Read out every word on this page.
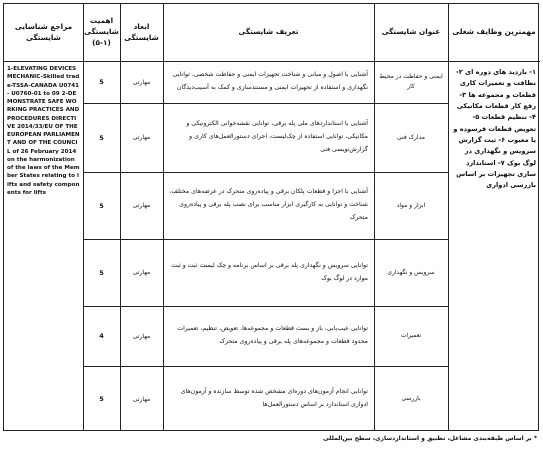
مهمترین وظایف شغلی
عنوان شایستگی
تعریف شایستگی
ابعاد شایستگی
اهمیت شایستگی (۱-۵)
مراجع شناسایی شایستگی
۱- بازدید های دوره ای ۲- نظافت و تعمیرات کاری قطعات و مجموعه ها ۳- رفع کار قطعات مکانیکی ۴- تنظیم قطعات ۵- تعویض قطعات فرسوده و یا معیوب ۶- ثبت گزارش سرویس و نگهداری در لوگ بوک ۷- استاندارد سازی تجهیزات بر اساس بازرسی ادواری
1-ELEVATING DEVICES MECHANIC-Skilled trade-TSSA-CANADA U0741- U0760-01 to 09 2-DEMONSTRATE SAFE WORKING PRACTICES AND PROCEDURES DIRECTIVE 2014/33/EU OF THE EUROPEAN PARLIAMENT AND OF THE COUNCIL of 26 February 2014 on the harmonization of the laws of the Member States relating to lifts and safety components for lifts
ایمنی و حفاظت در محیط کار
آشنایی با اصول و مبانی و شناخت تجهیزات ایمنی و حفاظت شخصی، توانایی نگهداری و استفاده از تجهیزات ایمنی و مستندسازی و کمک به آسیب‌دیدگان
مهارتی
5
مدارک فنی
آشنایی با استانداردهای ملی پله برقی، توانایی نقشه‌خوانی الکترونیکی و مکانیکی، توانایی استفاده از چک‌لیست، اجرای دستورالعمل‌های کاری و گزارش‌نویسی فنی
مهارتی
5
ابزار و مواد
آشنایی با اجزا و قطعات پلکان برقی و پیاده‌روی متحرک در عرضه‌های مختلف، شناخت و توانایی به کارگیری ابزار مناسب برای نصب پله برقی و پیاده‌روی متحرک
مهارتی
5
سرویس و نگهداری
توانایی سرویس و نگهداری پله برقی بر اساس برنامه و چک لیست ثبت و ثبت موارد در لوگ بوک
مهارتی
5
تعمیرات
توانایی عیب‌یابی، باز و بست قطعات و مجموعه‌ها، تعویض، تنظیم، تعمیرات محدود قطعات و مجموعه‌های پله برقی و پیاده‌روی متحرک
مهارتی
4
بازرسی
توانایی انجام آزمون‌های دوره‌ای مشخص شده توسط سازنده و آزمون‌های ادواری استاندارد بر اساس دستورالعمل‌ها
مهارتی
5
* بر اساس طبقه‌بندی مشاغل، تطبیق و استانداردسازی، سطح بین‌المللی
